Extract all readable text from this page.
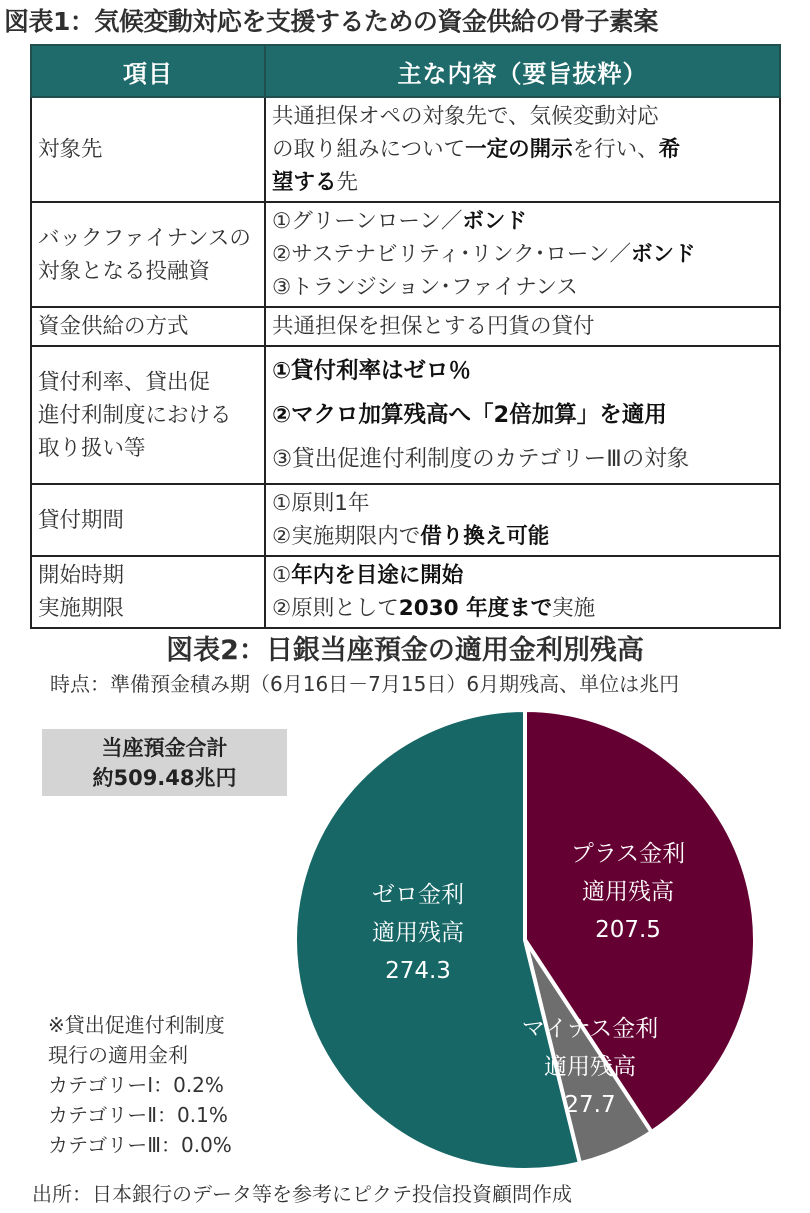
図表1：気候変動対応を支援するための資金供給の骨子素案
項目	主な内容（要旨抜粋）

対象先	共通担保オペの対象先で、気候変動対応
の取り組みについて一定の開示を行い、希
望する先

バックファイナンスの
対象となる投融資	①グリーンローン／ボンド
②サステナビリティ･リンク･ローン／ボンド
③トランジション･ファイナンス

資金供給の方式	共通担保を担保とする円貨の貸付

貸付利率、貸出促
進付利制度における
取り扱い等	①貸付利率はゼロ％
②マクロ加算残高へ「2倍加算」を適用
③貸出促進付利制度のカテゴリーⅢの対象

貸付期間	①原則1年
②実施期限内で借り換え可能

開始時期
実施期限	①年内を目途に開始
②原則として2030 年度まで実施
図表2：日銀当座預金の適用金利別残高
時点：準備預金積み期（6月16日－7月15日）6月期残高、単位は兆円
プラス金利
適用残高
207.5
マイナス金利
適用残高
27.7
ゼロ金利
適用残高
274.3
当座預金合計
約509.48兆円
※貸出促進付利制度
現行の適用金利
カテゴリーⅠ：0.2%
カテゴリーⅡ：0.1%
カテゴリーⅢ：0.0%
出所：日本銀行のデータ等を参考にピクテ投信投資顧問作成
